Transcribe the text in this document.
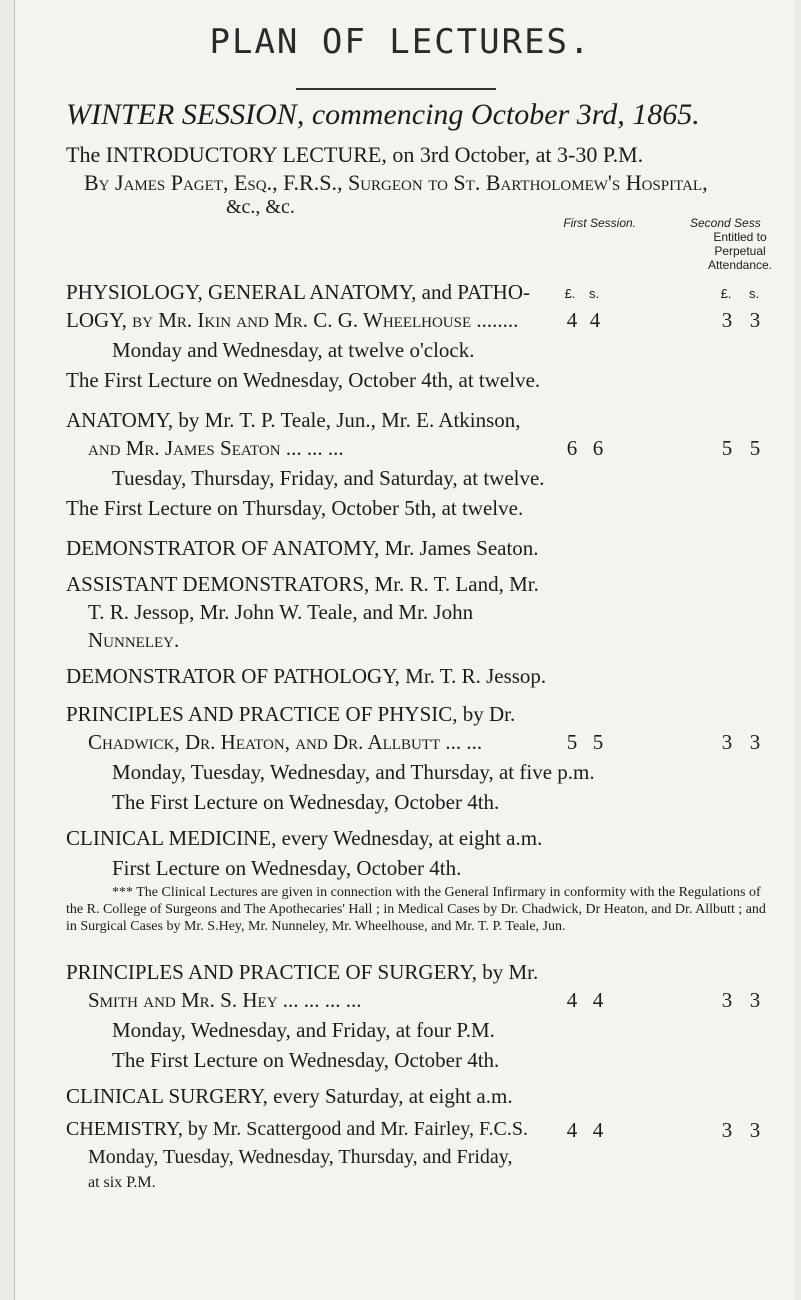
PLAN OF LECTURES.
WINTER SESSION, commencing October 3rd, 1865.
The INTRODUCTORY LECTURE, on 3rd October, at 3-30 P.M.
By James Paget, Esq., F.R.S., Surgeon to St. Bartholomew's Hospital,
&c., &c.
First Session.	Second Sess
Entitled to
Perpetual
Attendance.
£.	s.	£.	s.
PHYSIOLOGY, GENERAL ANATOMY, and PATHO-
LOGY, by Mr. Ikin and Mr. C. G. Wheelhouse ........ 4 4	3 3
Monday and Wednesday, at twelve o'clock.
The First Lecture on Wednesday, October 4th, at twelve.
ANATOMY, by Mr. T. P. Teale, Jun., Mr. E. Atkinson,
and Mr. James Seaton ... ... ...	6 6	5 5
Tuesday, Thursday, Friday, and Saturday, at twelve.
The First Lecture on Thursday, October 5th, at twelve.
DEMONSTRATOR OF ANATOMY, Mr. James Seaton.
ASSISTANT DEMONSTRATORS, Mr. R. T. Land, Mr.
T. R. Jessop, Mr. John W. Teale, and Mr. John
Nunneley.
DEMONSTRATOR OF PATHOLOGY, Mr. T. R. Jessop.
PRINCIPLES AND PRACTICE OF PHYSIC, by Dr.
Chadwick, Dr. Heaton, and Dr. Allbutt ... ...	5 5	3 3
Monday, Tuesday, Wednesday, and Thursday, at five p.m.
The First Lecture on Wednesday, October 4th.
CLINICAL MEDICINE, every Wednesday, at eight a.m.
First Lecture on Wednesday, October 4th.
*** The Clinical Lectures are given in connection with the General Infirmary in conformity with the Regulations of the R. College of Surgeons and The Apothecaries' Hall ; in Medical Cases by Dr. Chadwick, Dr Heaton, and Dr. Allbutt ; and in Surgical Cases by Mr. S.Hey, Mr. Nunneley, Mr. Wheelhouse, and Mr. T. P. Teale, Jun.
PRINCIPLES AND PRACTICE OF SURGERY, by Mr.
Smith and Mr. S. Hey ... ... ... ...	4 4	3 3
Monday, Wednesday, and Friday, at four P.M.
The First Lecture on Wednesday, October 4th.
CLINICAL SURGERY, every Saturday, at eight a.m.
CHEMISTRY, by Mr. Scattergood and Mr. Fairley, F.C.S. 4 4	3 3
Monday, Tuesday, Wednesday, Thursday, and Friday,
at six P.M.
